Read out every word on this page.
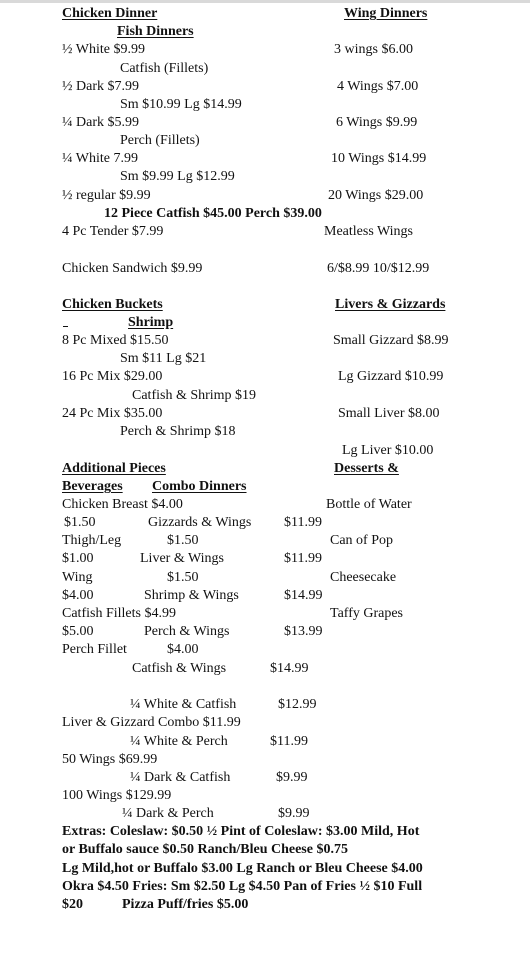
Chicken Dinner	Wing Dinners
Fish Dinners
½ White $9.99	3 wings $6.00
Catfish (Fillets)
½ Dark $7.99	4 Wings $7.00
Sm $10.99 Lg $14.99
¼ Dark $5.99	6 Wings $9.99
Perch (Fillets)
¼ White 7.99	10 Wings $14.99
Sm $9.99 Lg $12.99
½ regular $9.99	20 Wings $29.00
12 Piece Catfish $45.00 Perch $39.00
4 Pc Tender $7.99	Meatless Wings
Chicken Sandwich $9.99	6/$8.99 10/$12.99
Chicken Buckets	Livers & Gizzards
Shrimp
8 Pc Mixed $15.50	Small Gizzard $8.99
Sm $11 Lg $21
16 Pc Mix $29.00	Lg Gizzard $10.99
Catfish & Shrimp $19
24 Pc Mix $35.00	Small Liver $8.00
Perch & Shrimp $18
Lg Liver $10.00
Additional Pieces	Desserts &
Beverages Combo Dinners
Chicken Breast $4.00	Bottle of Water
$1.50	Gizzards & Wings $11.99
Thigh/Leg	$1.50	Can of Pop
$1.00	Liver & Wings	$11.99
Wing	$1.50	Cheesecake
$4.00	Shrimp & Wings	$14.99
Catfish Fillets $4.99	Taffy Grapes
$5.00	Perch & Wings	$13.99
Perch Fillet	$4.00
Catfish & Wings	$14.99
¼ White & Catfish	$12.99
Liver & Gizzard Combo $11.99
¼ White & Perch	$11.99
50 Wings $69.99
¼ Dark & Catfish	$9.99
100 Wings $129.99
¼ Dark & Perch	$9.99
Extras: Coleslaw: $0.50 ½ Pint of Coleslaw: $3.00 Mild, Hot
or Buffalo sauce $0.50 Ranch/Bleu Cheese $0.75
Lg Mild,hot or Buffalo $3.00 Lg Ranch or Bleu Cheese $4.00
Okra $4.50 Fries: Sm $2.50 Lg $4.50 Pan of Fries ½ $10 Full
$20	Pizza Puff/fries $5.00
